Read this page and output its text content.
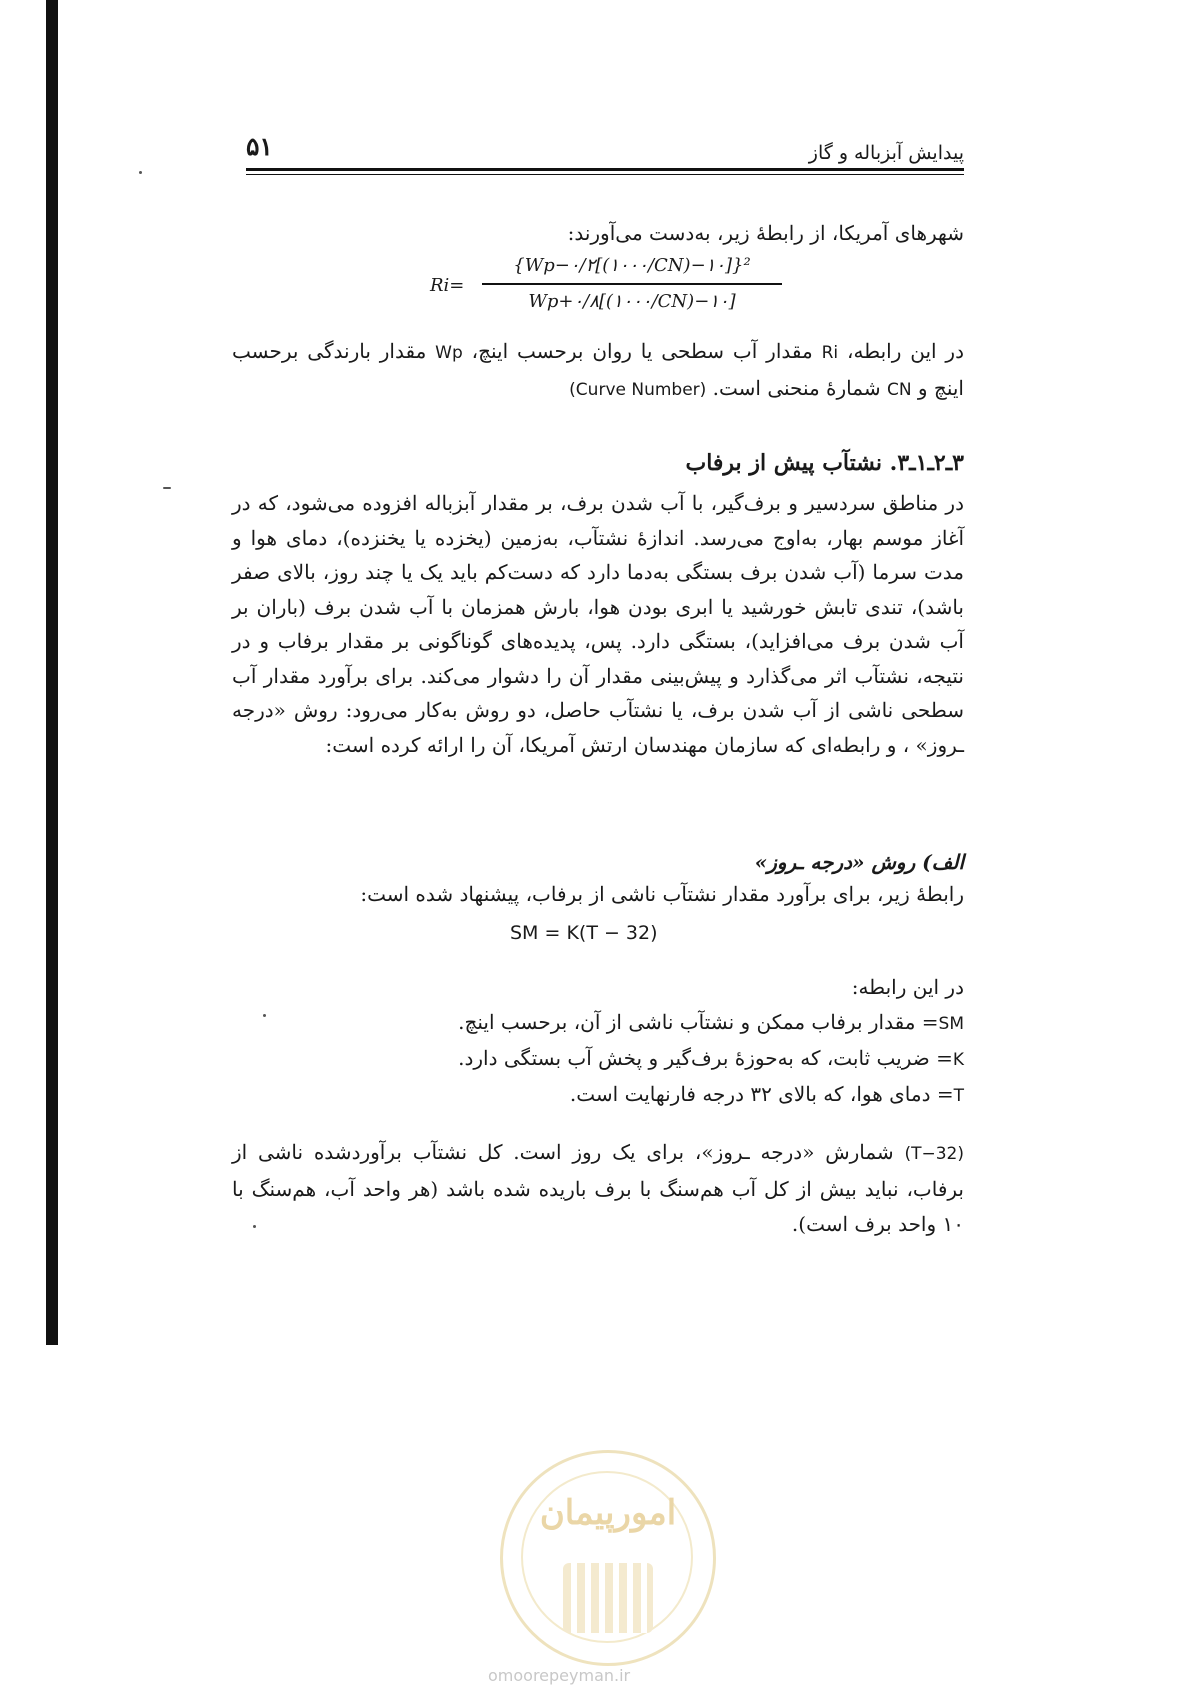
۵۱	پیدایش آبزباله و گاز

شهرهای آمریکا، از رابطهٔ زیر، به‌دست می‌آورند:

Ri=
{Wp−۰/۲[(۱۰۰۰/CN)−۱۰]}²
Wp+۰/۸[(۱۰۰۰/CN)−۱۰]

در این رابطه، Ri مقدار آب سطحی یا روان برحسب اینچ، Wp مقدار بارندگی برحسب اینچ و CN شمارهٔ منحنی است. (Curve Number)

۳ـ۲ـ۱ـ۳. نشتآب پیش از برفاب

در مناطق سردسیر و برف‌گیر، با آب شدن برف، بر مقدار آبزباله افزوده می‌شود، که در آغاز موسم بهار، به‌اوج می‌رسد. اندازهٔ نشتآب، به‌زمین (یخزده یا یخنزده)، دمای هوا و مدت سرما (آب شدن برف بستگی به‌دما دارد که دست‌کم باید یک یا چند روز، بالای صفر باشد)، تندی تابش خورشید یا ابری بودن هوا، بارش همزمان با آب شدن برف (باران بر آب شدن برف می‌افزاید)، بستگی دارد. پس، پدیده‌های گوناگونی بر مقدار برفاب و در نتیجه، نشتآب اثر می‌گذارد و پیش‌بینی مقدار آن را دشوار می‌کند. برای برآورد مقدار آب سطحی ناشی از آب شدن برف، یا نشتآب حاصل، دو روش به‌کار می‌رود: روش «درجه ـروز» ، و رابطه‌ای که سازمان مهندسان ارتش آمریکا، آن را ارائه کرده است:

الف) روش «درجه ـروز»
رابطهٔ زیر، برای برآورد مقدار نشتآب ناشی از برفاب، پیشنهاد شده است:
SM = K(T − 32)
در این رابطه:
SM= مقدار برفاب ممکن و نشتآب ناشی از آن، برحسب اینچ.
K= ضریب ثابت، که به‌حوزهٔ برف‌گیر و پخش آب بستگی دارد.
T= دمای هوا، که بالای ۳۲ درجه فارنهایت است.

(T−32) شمارش «درجه ـروز»، برای یک روز است. کل نشتآب برآوردشده ناشی از برفاب، نباید بیش از کل آب هم‌سنگ با برف باریده شده باشد (هر واحد آب، هم‌سنگ با ۱۰ واحد برف است).

امورپیمان
omoorepeyman.ir
